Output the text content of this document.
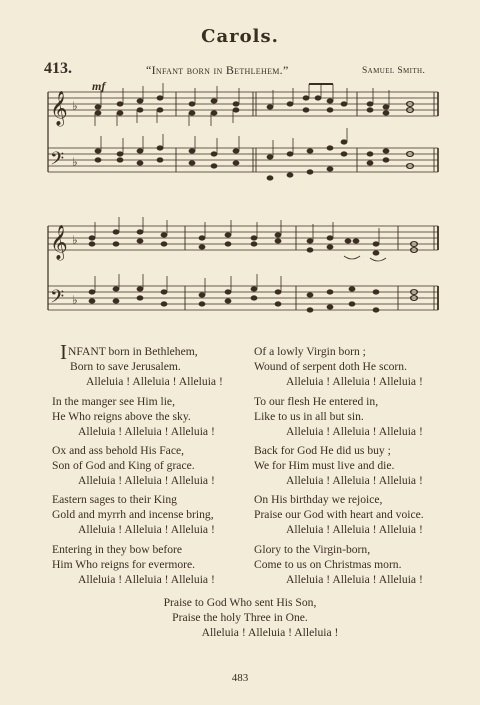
Carols.
413.	“Infant born in Bethlehem.”	Samuel Smith.
mf
𝄞
𝄢
♭
♭
𝄞
𝄢
♭
♭
INFANT born in Bethlehem,
Born to save Jerusalem.
Alleluia ! Alleluia ! Alleluia !
In the manger see Him lie,
He Who reigns above the sky.
Alleluia ! Alleluia ! Alleluia !
Ox and ass behold His Face,
Son of God and King of grace.
Alleluia ! Alleluia ! Alleluia !
Eastern sages to their King
Gold and myrrh and incense bring,
Alleluia ! Alleluia ! Alleluia !
Entering in they bow before
Him Who reigns for evermore.
Alleluia ! Alleluia ! Alleluia !
Of a lowly Virgin born ;
Wound of serpent doth He scorn.
Alleluia ! Alleluia ! Alleluia !
To our flesh He entered in,
Like to us in all but sin.
Alleluia ! Alleluia ! Alleluia !
Back for God He did us buy ;
We for Him must live and die.
Alleluia ! Alleluia ! Alleluia !
On His birthday we rejoice,
Praise our God with heart and voice.
Alleluia ! Alleluia ! Alleluia !
Glory to the Virgin-born,
Come to us on Christmas morn.
Alleluia ! Alleluia ! Alleluia !
Praise to God Who sent His Son,
Praise the holy Three in One.
Alleluia ! Alleluia ! Alleluia !
483
